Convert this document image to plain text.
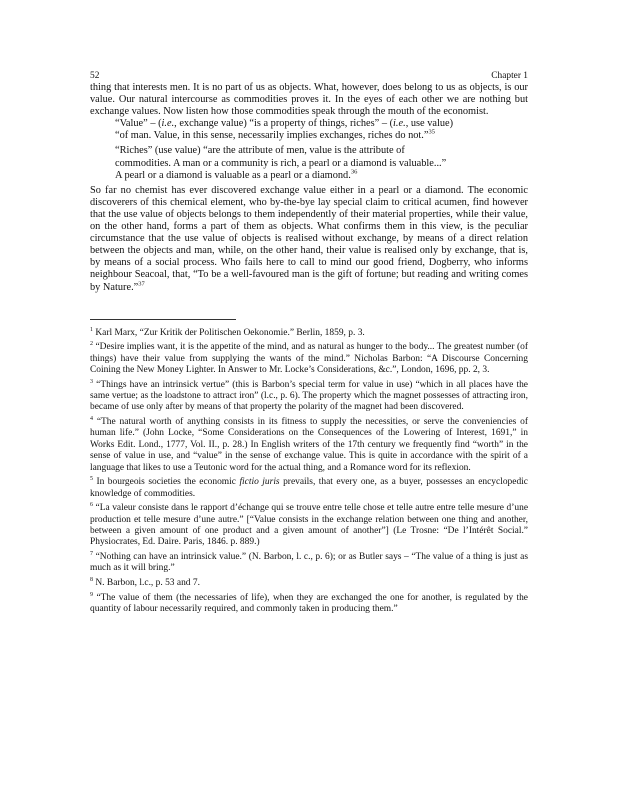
52	Chapter 1

thing that interests men. It is no part of us as objects. What, however, does belong to us as objects, is our value. Our natural intercourse as commodities proves it. In the eyes of each other we are nothing but exchange values. Now listen how those commodities speak through the mouth of the economist.

“Value” – (i.e., exchange value) “is a property of things, riches” – (i.e., use value)

“of man. Value, in this sense, necessarily implies exchanges, riches do not.”$^{35}$

“Riches” (use value) “are the attribute of men, value is the attribute of

commodities. A man or a community is rich, a pearl or a diamond is valuable...”

A pearl or a diamond is valuable as a pearl or a diamond.$^{36}$

So far no chemist has ever discovered exchange value either in a pearl or a diamond. The economic discoverers of this chemical element, who by-the-bye lay special claim to critical acumen, find however that the use value of objects belongs to them independently of their material properties, while their value, on the other hand, forms a part of them as objects. What confirms them in this view, is the peculiar circumstance that the use value of objects is realised without exchange, by means of a direct relation between the objects and man, while, on the other hand, their value is realised only by exchange, that is, by means of a social process. Who fails here to call to mind our good friend, Dogberry, who informs neighbour Seacoal, that, “To be a well-favoured man is the gift of fortune; but reading and writing comes by Nature.”$^{37}$

$^1$ Karl Marx, “Zur Kritik der Politischen Oekonomie.” Berlin, 1859, p. 3.

$^2$ “Desire implies want, it is the appetite of the mind, and as natural as hunger to the body... The greatest number (of things) have their value from supplying the wants of the mind.” Nicholas Barbon: “A Discourse Concerning Coining the New Money Lighter. In Answer to Mr. Locke’s Considerations, &c.”, London, 1696, pp. 2, 3.

$^3$ “Things have an intrinsick vertue” (this is Barbon’s special term for value in use) “which in all places have the same vertue; as the loadstone to attract iron” (l.c., p. 6). The property which the magnet possesses of attracting iron, became of use only after by means of that property the polarity of the magnet had been discovered.

$^4$ “The natural worth of anything consists in its fitness to supply the necessities, or serve the conveniencies of human life.” (John Locke, “Some Considerations on the Consequences of the Lowering of Interest, 1691,” in Works Edit. Lond., 1777, Vol. II., p. 28.) In English writers of the 17th century we frequently find “worth” in the sense of value in use, and “value” in the sense of exchange value. This is quite in accordance with the spirit of a language that likes to use a Teutonic word for the actual thing, and a Romance word for its reflexion.

$^5$ In bourgeois societies the economic fictio juris prevails, that every one, as a buyer, possesses an encyclopedic knowledge of commodities.

$^6$ “La valeur consiste dans le rapport d’échange qui se trouve entre telle chose et telle autre entre telle mesure d’une production et telle mesure d’une autre.” [“Value consists in the exchange relation between one thing and another, between a given amount of one product and a given amount of another”] (Le Trosne: “De l’Intérêt Social.” Physiocrates, Ed. Daire. Paris, 1846. p. 889.)

$^7$ “Nothing can have an intrinsick value.” (N. Barbon, l. c., p. 6); or as Butler says – “The value of a thing is just as much as it will bring.”

$^8$ N. Barbon, l.c., p. 53 and 7.

$^9$ “The value of them (the necessaries of life), when they are exchanged the one for another, is regulated by the quantity of labour necessarily required, and commonly taken in producing them.”
